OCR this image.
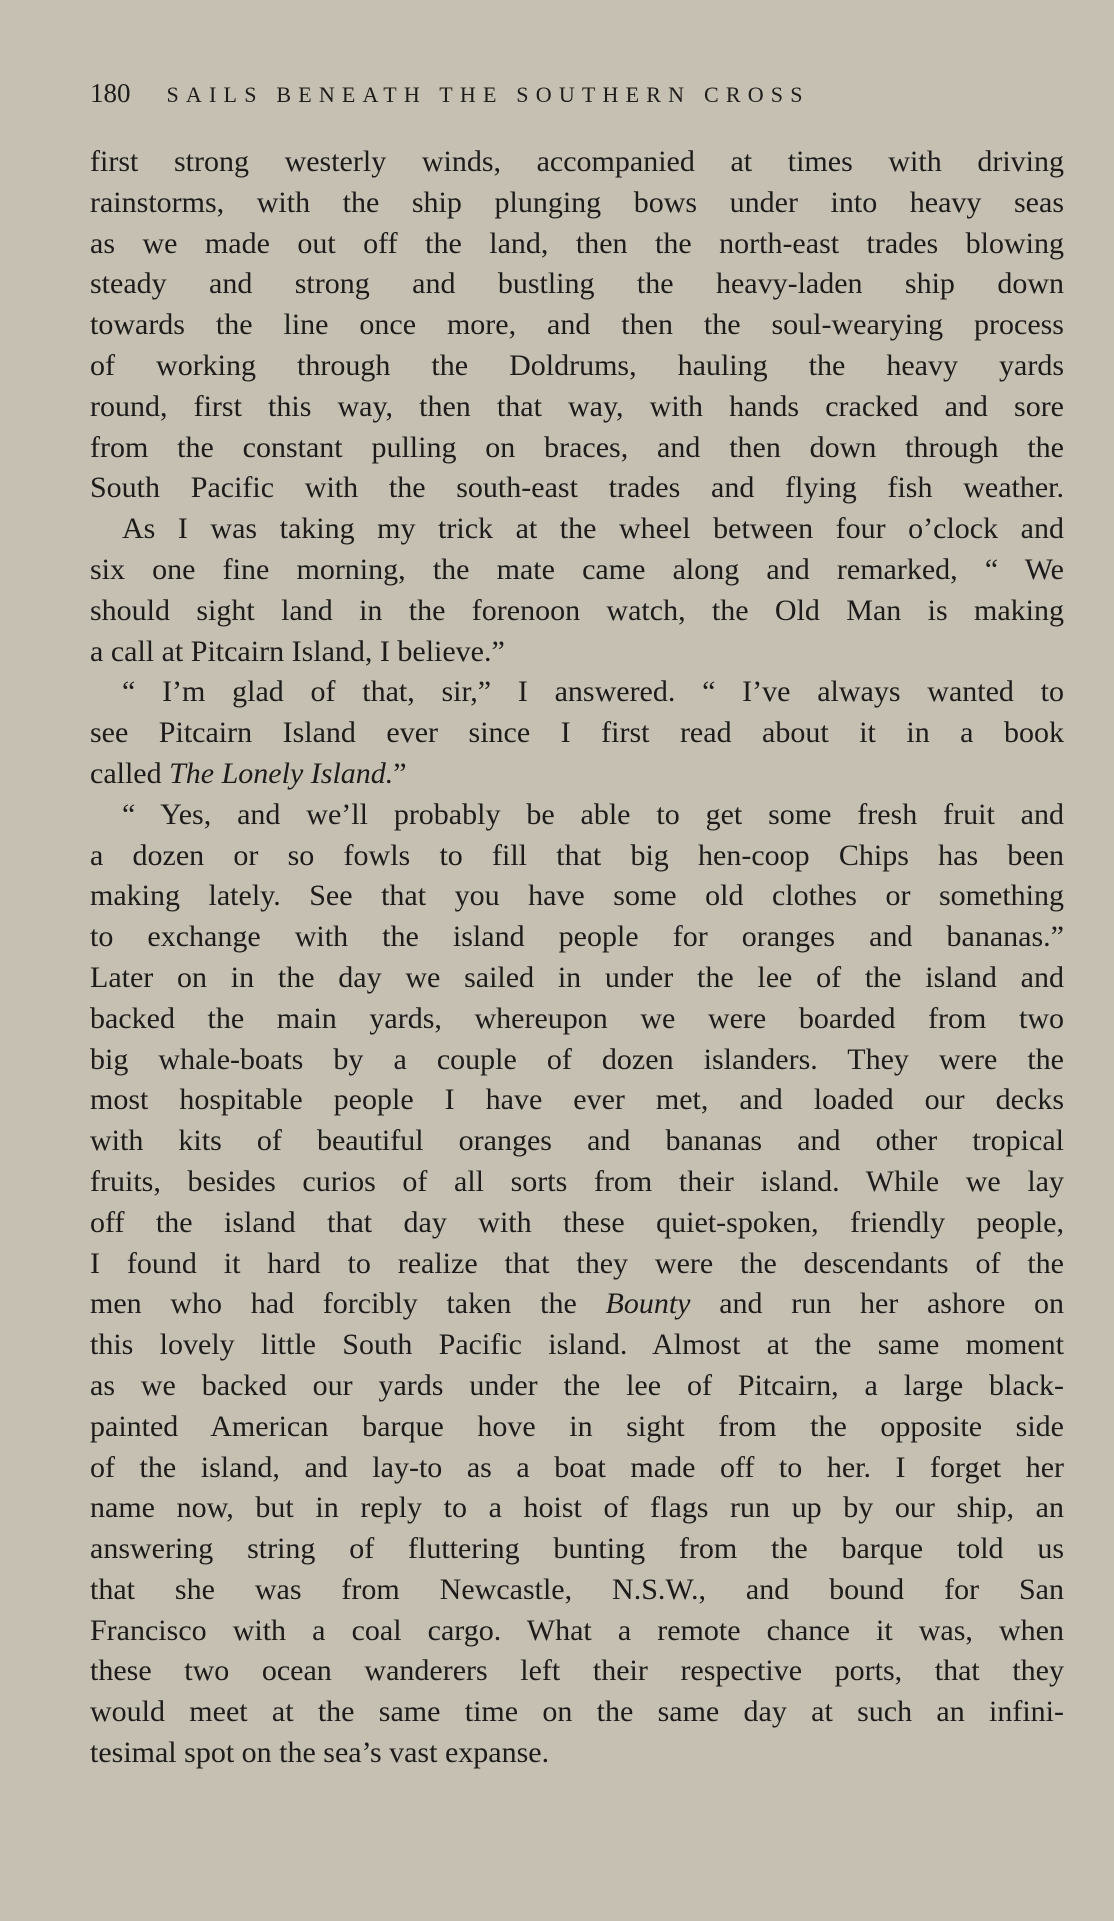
180 SAILS BENEATH THE SOUTHERN CROSS
first strong westerly winds, accompanied at times with driving
rainstorms, with the ship plunging bows under into heavy seas
as we made out off the land, then the north-east trades blowing
steady and strong and bustling the heavy-laden ship down
towards the line once more, and then the soul-wearying process
of working through the Doldrums, hauling the heavy yards
round, first this way, then that way, with hands cracked and sore
from the constant pulling on braces, and then down through the
South Pacific with the south-east trades and flying fish weather.
As I was taking my trick at the wheel between four o’clock and
six one fine morning, the mate came along and remarked, “ We
should sight land in the forenoon watch, the Old Man is making
a call at Pitcairn Island, I believe.”
“ I’m glad of that, sir,” I answered. “ I’ve always wanted to
see Pitcairn Island ever since I first read about it in a book
called The Lonely Island.”
“ Yes, and we’ll probably be able to get some fresh fruit and
a dozen or so fowls to fill that big hen-coop Chips has been
making lately. See that you have some old clothes or something
to exchange with the island people for oranges and bananas.”
Later on in the day we sailed in under the lee of the island and
backed the main yards, whereupon we were boarded from two
big whale-boats by a couple of dozen islanders. They were the
most hospitable people I have ever met, and loaded our decks
with kits of beautiful oranges and bananas and other tropical
fruits, besides curios of all sorts from their island. While we lay
off the island that day with these quiet-spoken, friendly people,
I found it hard to realize that they were the descendants of the
men who had forcibly taken the Bounty and run her ashore on
this lovely little South Pacific island. Almost at the same moment
as we backed our yards under the lee of Pitcairn, a large black-
painted American barque hove in sight from the opposite side
of the island, and lay-to as a boat made off to her. I forget her
name now, but in reply to a hoist of flags run up by our ship, an
answering string of fluttering bunting from the barque told us
that she was from Newcastle, N.S.W., and bound for San
Francisco with a coal cargo. What a remote chance it was, when
these two ocean wanderers left their respective ports, that they
would meet at the same time on the same day at such an infini-
tesimal spot on the sea’s vast expanse.
